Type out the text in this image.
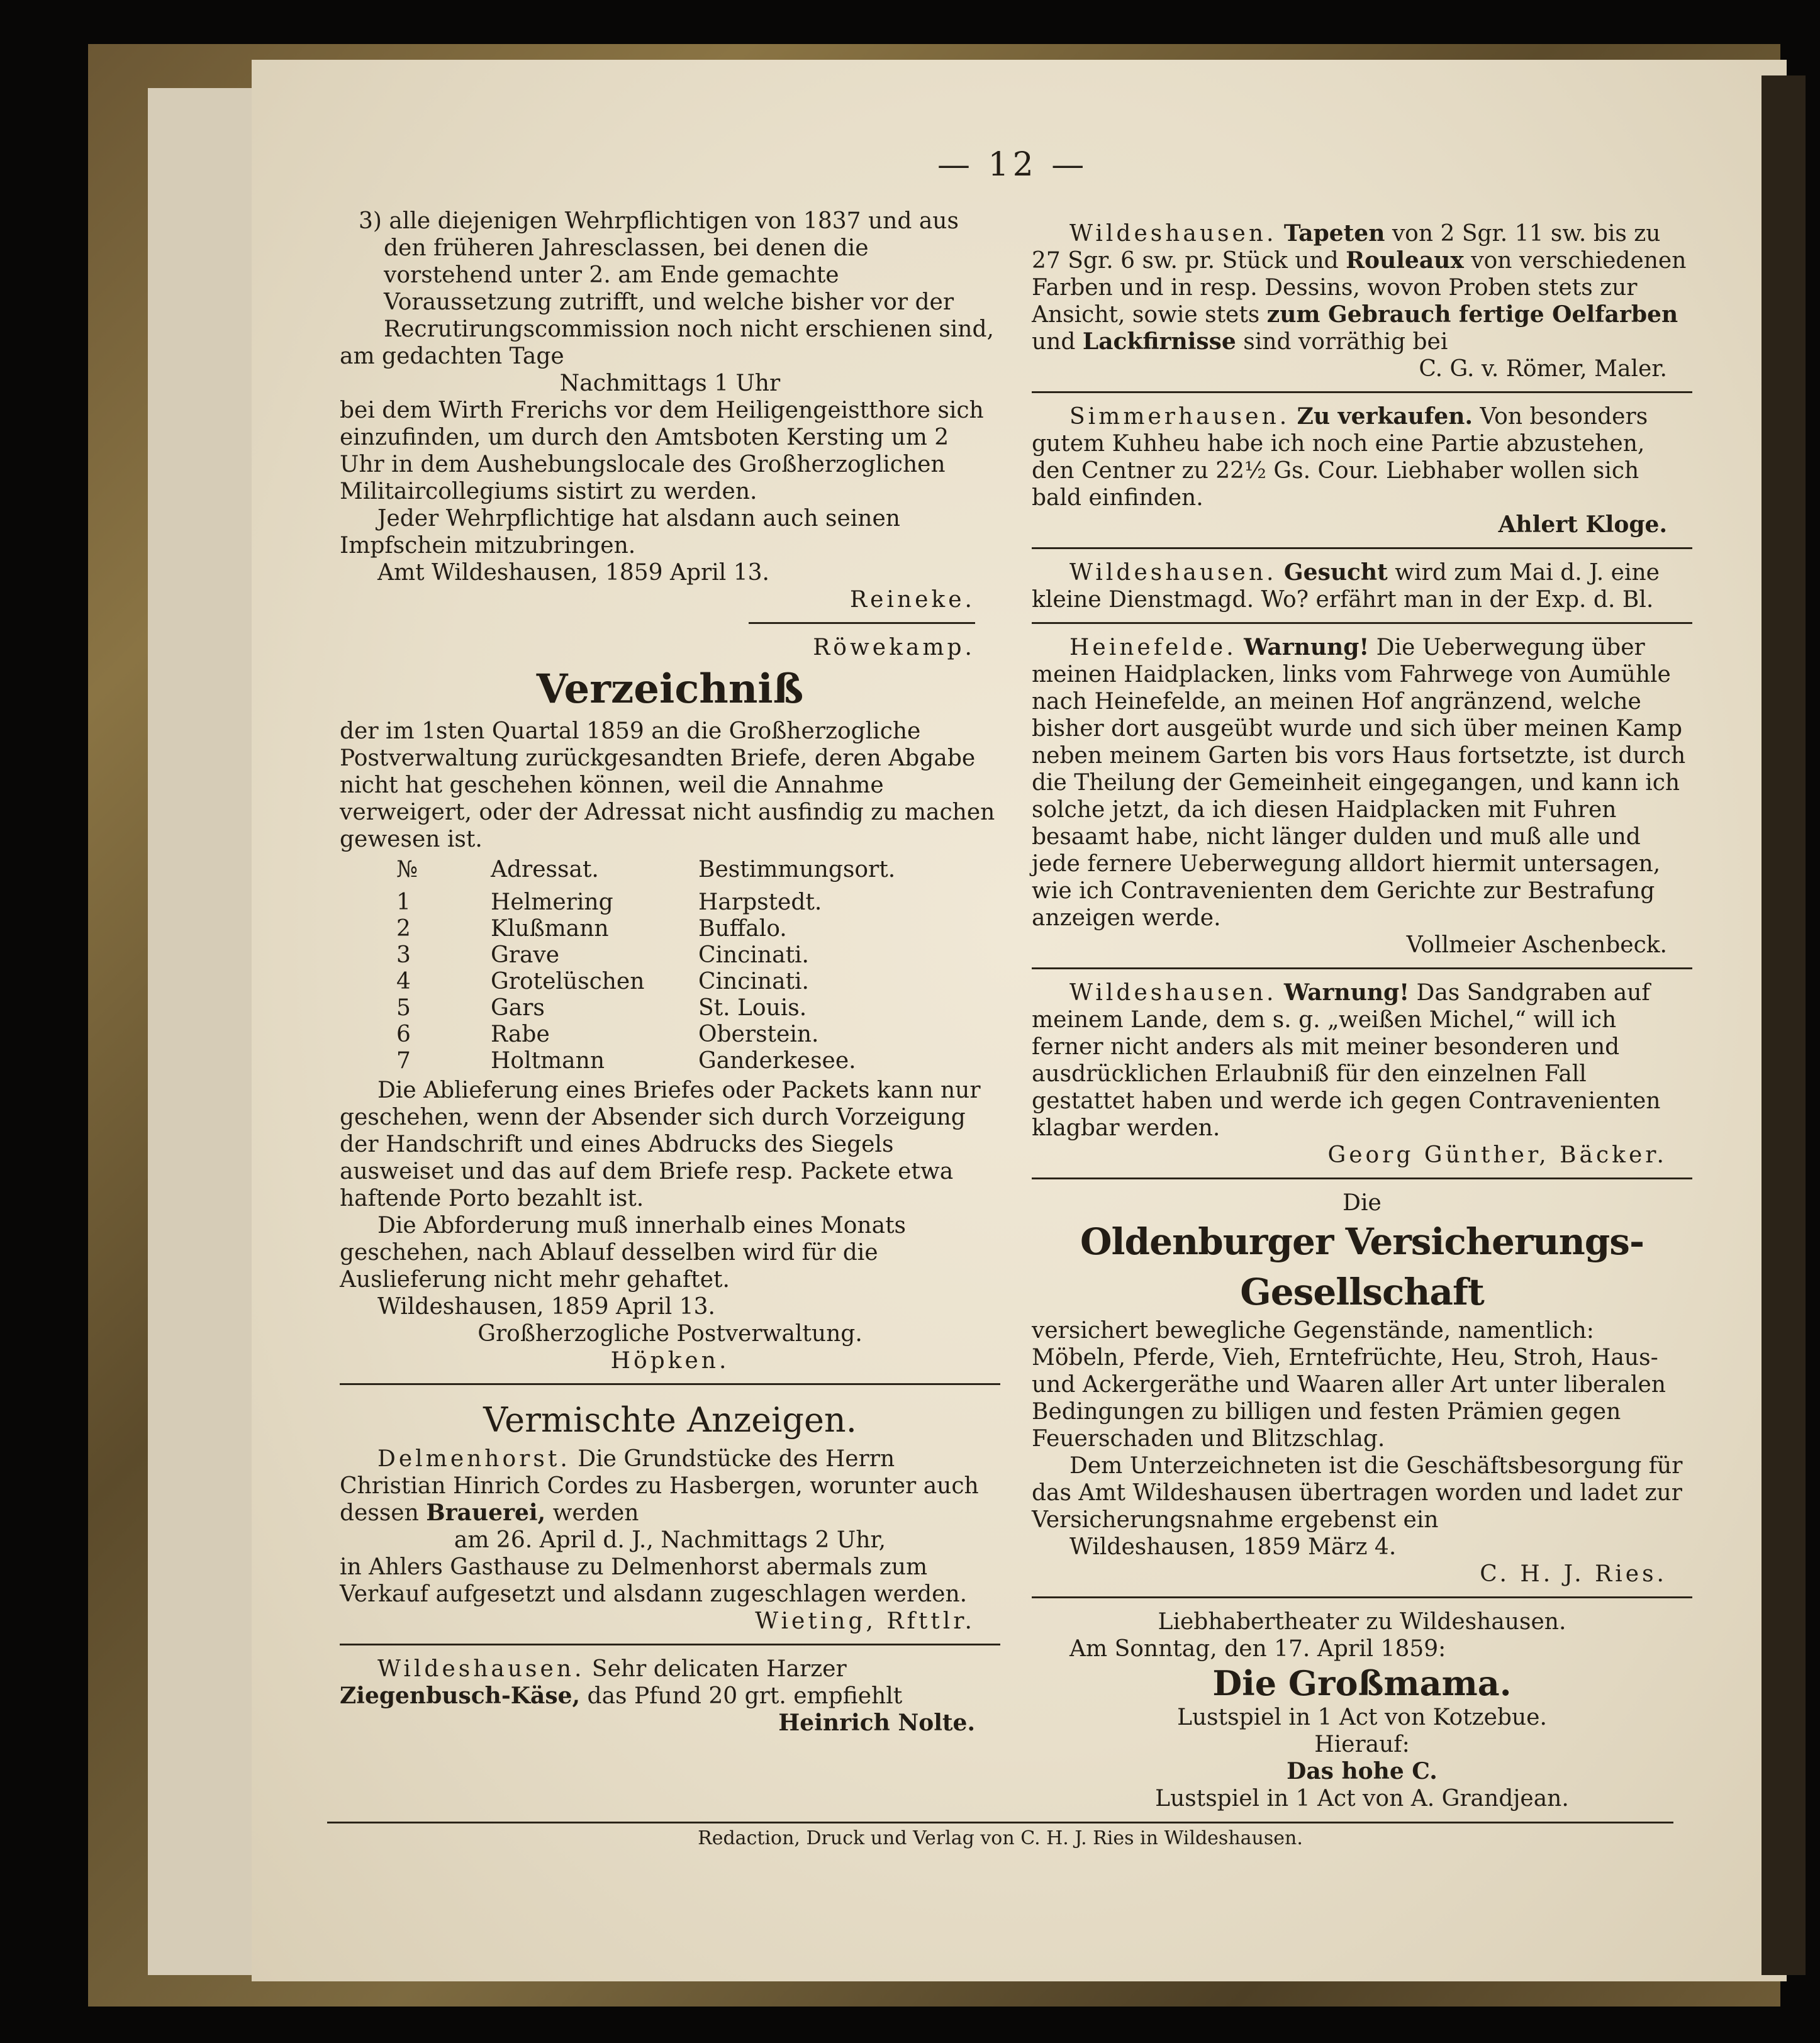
— 12 —

3) alle diejenigen Wehrpflichtigen von 1837 und aus den früheren Jahresclassen, bei denen die vorstehend unter 2. am Ende gemachte Voraussetzung zutrifft, und welche bisher vor der Recrutirungscommission noch nicht erschienen sind,

am gedachten Tage

Nachmittags 1 Uhr

bei dem Wirth Frerichs vor dem Heiligengeistthore sich einzufinden, um durch den Amtsboten Kersting um 2 Uhr in dem Aushebungslocale des Großherzoglichen Militaircollegiums sistirt zu werden.

Jeder Wehrpflichtige hat alsdann auch seinen Impfschein mitzubringen.

Amt Wildeshausen, 1859 April 13.

Reineke.

Röwekamp.

Verzeichniß

der im 1sten Quartal 1859 an die Großherzogliche Postverwaltung zurückgesandten Briefe, deren Abgabe nicht hat geschehen können, weil die Annahme verweigert, oder der Adressat nicht ausfindig zu machen gewesen ist.

№	Adressat.	Bestimmungsort.
1	Helmering	Harpstedt.
2	Klußmann	Buffalo.
3	Grave	Cincinati.
4	Grotelüschen	Cincinati.
5	Gars	St. Louis.
6	Rabe	Oberstein.
7	Holtmann	Ganderkesee.

Die Ablieferung eines Briefes oder Packets kann nur geschehen, wenn der Absender sich durch Vorzeigung der Handschrift und eines Abdrucks des Siegels ausweiset und das auf dem Briefe resp. Packete etwa haftende Porto bezahlt ist.

Die Abforderung muß innerhalb eines Monats geschehen, nach Ablauf desselben wird für die Auslieferung nicht mehr gehaftet.

Wildeshausen, 1859 April 13.

Großherzogliche Postverwaltung.

Höpken.

Vermischte Anzeigen.

Delmenhorst. Die Grundstücke des Herrn Christian Hinrich Cordes zu Hasbergen, worunter auch dessen Brauerei, werden

am 26. April d. J., Nachmittags 2 Uhr,

in Ahlers Gasthause zu Delmenhorst abermals zum Verkauf aufgesetzt und alsdann zugeschlagen werden.

Wieting, Rfttlr.

Wildeshausen. Sehr delicaten Harzer Ziegenbusch-Käse, das Pfund 20 grt. empfiehlt

Heinrich Nolte.

Wildeshausen. Tapeten von 2 Sgr. 11 sw. bis zu 27 Sgr. 6 sw. pr. Stück und Rouleaux von verschiedenen Farben und in resp. Dessins, wovon Proben stets zur Ansicht, sowie stets zum Gebrauch fertige Oelfarben und Lackfirnisse sind vorräthig bei

C. G. v. Römer, Maler.

Simmerhausen. Zu verkaufen. Von besonders gutem Kuhheu habe ich noch eine Partie abzustehen, den Centner zu 22½ Gs. Cour. Liebhaber wollen sich bald einfinden.

Ahlert Kloge.

Wildeshausen. Gesucht wird zum Mai d. J. eine kleine Dienstmagd. Wo? erfährt man in der Exp. d. Bl.

Heinefelde. Warnung! Die Ueberwegung über meinen Haidplacken, links vom Fahrwege von Aumühle nach Heinefelde, an meinen Hof angränzend, welche bisher dort ausgeübt wurde und sich über meinen Kamp neben meinem Garten bis vors Haus fortsetzte, ist durch die Theilung der Gemeinheit eingegangen, und kann ich solche jetzt, da ich diesen Haidplacken mit Fuhren besaamt habe, nicht länger dulden und muß alle und jede fernere Ueberwegung alldort hiermit untersagen, wie ich Contravenienten dem Gerichte zur Bestrafung anzeigen werde.

Vollmeier Aschenbeck.

Wildeshausen. Warnung! Das Sandgraben auf meinem Lande, dem s. g. „weißen Michel,“ will ich ferner nicht anders als mit meiner besonderen und ausdrücklichen Erlaubniß für den einzelnen Fall gestattet haben und werde ich gegen Contravenienten klagbar werden.

Georg Günther, Bäcker.

Die

Oldenburger Versicherungs-Gesellschaft

versichert bewegliche Gegenstände, namentlich: Möbeln, Pferde, Vieh, Erntefrüchte, Heu, Stroh, Haus- und Ackergeräthe und Waaren aller Art unter liberalen Bedingungen zu billigen und festen Prämien gegen Feuerschaden und Blitzschlag.

Dem Unterzeichneten ist die Geschäftsbesorgung für das Amt Wildeshausen übertragen worden und ladet zur Versicherungsnahme ergebenst ein

Wildeshausen, 1859 März 4.

C. H. J. Ries.

Liebhabertheater zu Wildeshausen.

Am Sonntag, den 17. April 1859:

Die Großmama.

Lustspiel in 1 Act von Kotzebue.

Hierauf:

Das hohe C.

Lustspiel in 1 Act von A. Grandjean.

Redaction, Druck und Verlag von C. H. J. Ries in Wildeshausen.
